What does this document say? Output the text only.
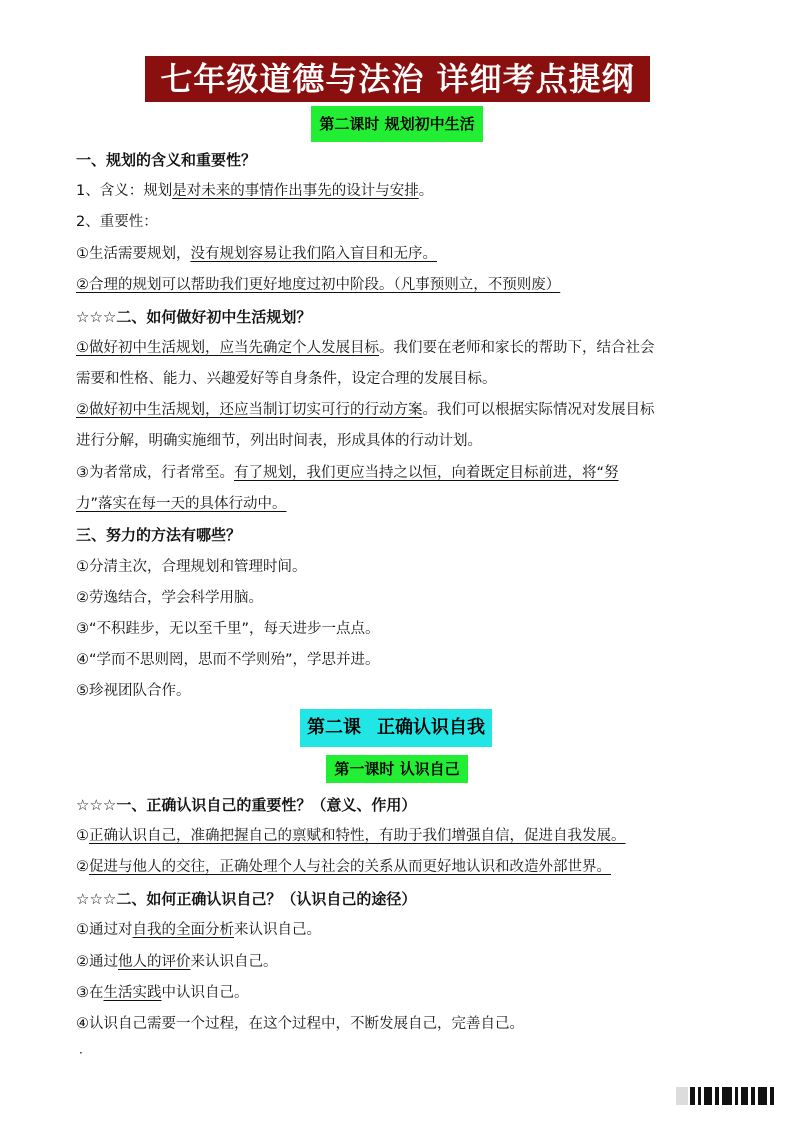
七年级道德与法治 详细考点提纲
第二课时 规划初中生活
一、规划的含义和重要性？
1、含义：规划是对未来的事情作出事先的设计与安排。
2、重要性：
①生活需要规划，没有规划容易让我们陷入盲目和无序。
②合理的规划可以帮助我们更好地度过初中阶段。（凡事预则立，不预则废）
☆☆☆二、如何做好初中生活规划？
①做好初中生活规划，应当先确定个人发展目标。我们要在老师和家长的帮助下，结合社会
需要和性格、能力、兴趣爱好等自身条件，设定合理的发展目标。
②做好初中生活规划，还应当制订切实可行的行动方案。我们可以根据实际情况对发展目标
进行分解，明确实施细节，列出时间表，形成具体的行动计划。
③为者常成，行者常至。有了规划，我们更应当持之以恒，向着既定目标前进，将“努
力”落实在每一天的具体行动中。
三、努力的方法有哪些？
①分清主次，合理规划和管理时间。
②劳逸结合，学会科学用脑。
③“不积跬步，无以至千里”，每天进步一点点。
④“学而不思则罔，思而不学则殆”，学思并进。
⑤珍视团队合作。
第二课 正确认识自我
第一课时 认识自己
☆☆☆一、正确认识自己的重要性？（意义、作用）
①正确认识自己，准确把握自己的禀赋和特性，有助于我们增强自信，促进自我发展。
②促进与他人的交往，正确处理个人与社会的关系从而更好地认识和改造外部世界。
☆☆☆二、如何正确认识自己？（认识自己的途径）
①通过对自我的全面分析来认识自己。
②通过他人的评价来认识自己。
③在生活实践中认识自己。
④认识自己需要一个过程，在这个过程中，不断发展自己，完善自己。
·
